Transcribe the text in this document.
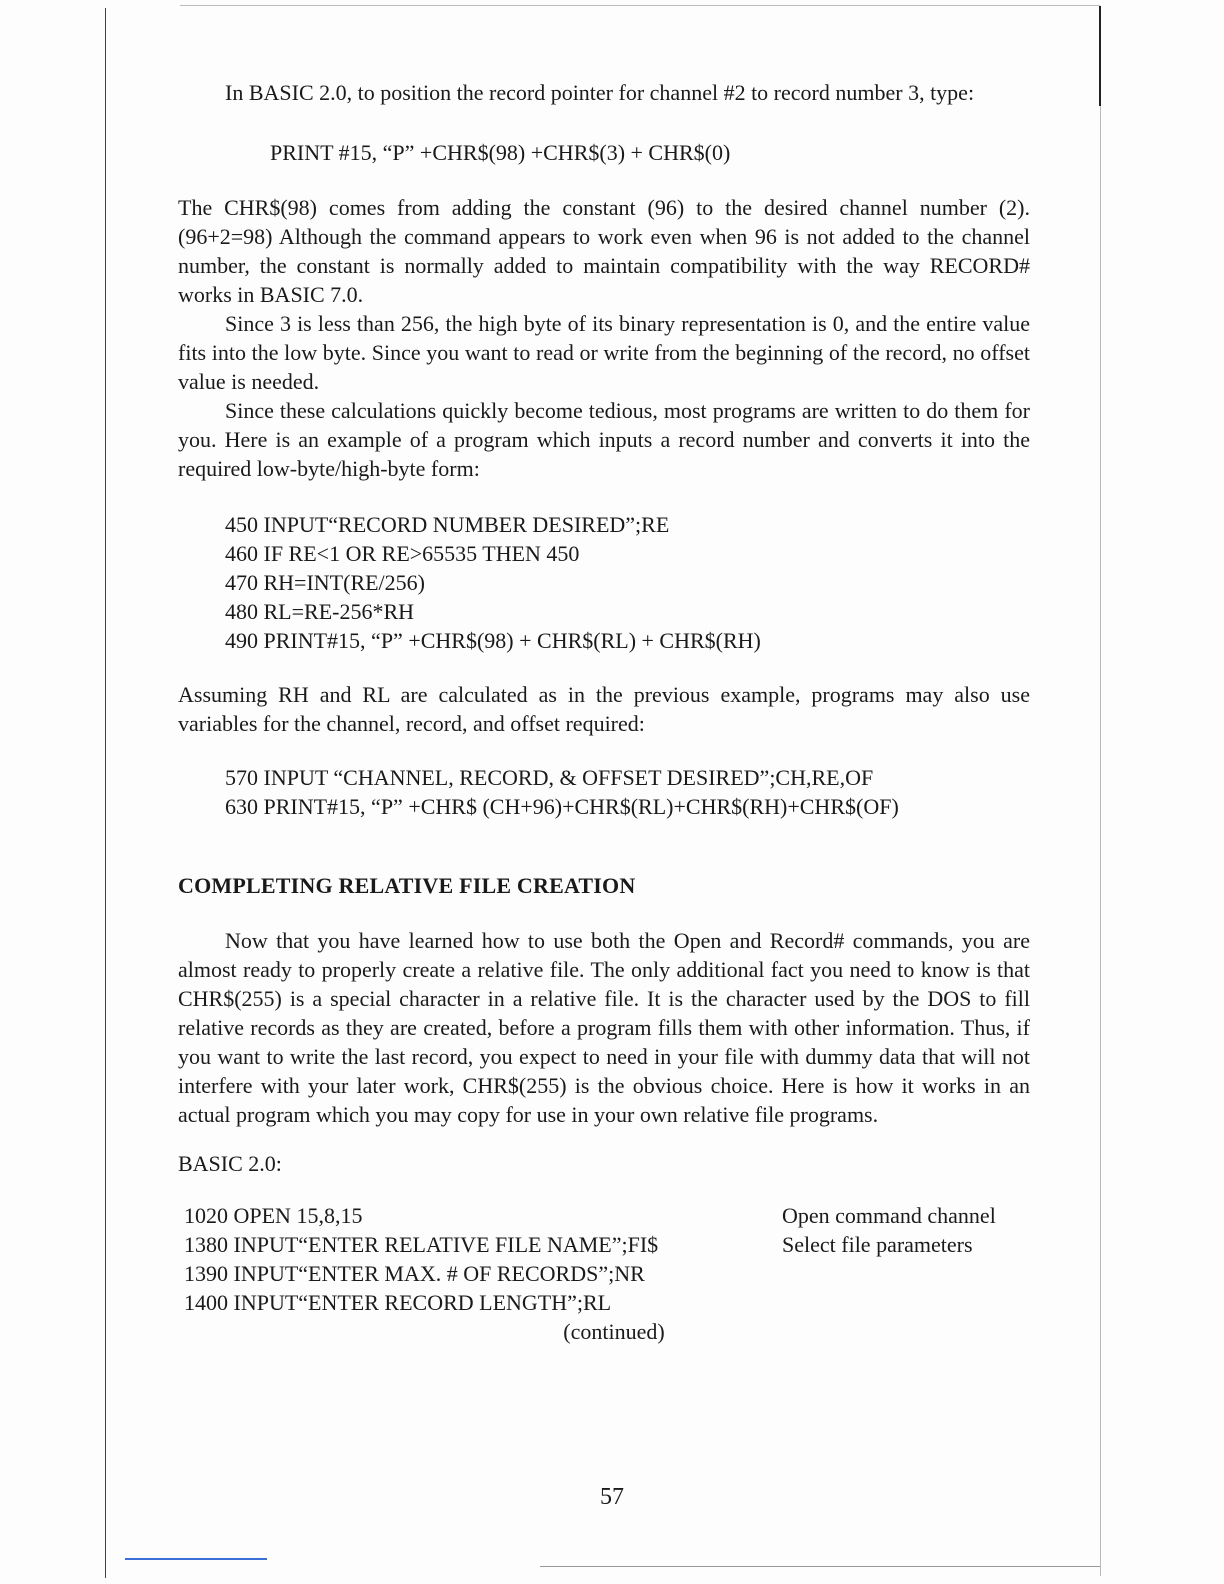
In BASIC 2.0, to position the record pointer for channel #2 to record number 3, type:

PRINT #15, “P” +CHR$(98) +CHR$(3) + CHR$(0)

The CHR$(98) comes from adding the constant (96) to the desired channel number (2). (96+2=98) Although the command appears to work even when 96 is not added to the channel number, the constant is normally added to maintain compatibility with the way RECORD# works in BASIC 7.0.

Since 3 is less than 256, the high byte of its binary representation is 0, and the entire value fits into the low byte. Since you want to read or write from the beginning of the record, no offset value is needed.

Since these calculations quickly become tedious, most programs are written to do them for you. Here is an example of a program which inputs a record number and converts it into the required low-byte/high-byte form:

450 INPUT“RECORD NUMBER DESIRED”;RE
460 IF RE<1 OR RE>65535 THEN 450
470 RH=INT(RE/256)
480 RL=RE-256*RH
490 PRINT#15, “P” +CHR$(98) + CHR$(RL) + CHR$(RH)

Assuming RH and RL are calculated as in the previous example, programs may also use variables for the channel, record, and offset required:

570 INPUT “CHANNEL, RECORD, & OFFSET DESIRED”;CH,RE,OF
630 PRINT#15, “P” +CHR$ (CH+96)+CHR$(RL)+CHR$(RH)+CHR$(OF)
COMPLETING RELATIVE FILE CREATION

Now that you have learned how to use both the Open and Record# commands, you are almost ready to properly create a relative file. The only additional fact you need to know is that CHR$(255) is a special character in a relative file. It is the character used by the DOS to fill relative records as they are created, before a program fills them with other information. Thus, if you want to write the last record, you expect to need in your file with dummy data that will not interfere with your later work, CHR$(255) is the obvious choice. Here is how it works in an actual program which you may copy for use in your own relative file programs.

BASIC 2.0:

1020 OPEN 15,8,15	Open command channel
1380 INPUT“ENTER RELATIVE FILE NAME”;FI$	Select file parameters
1390 INPUT“ENTER MAX. # OF RECORDS”;NR
1400 INPUT“ENTER RECORD LENGTH”;RL
(continued)
57
